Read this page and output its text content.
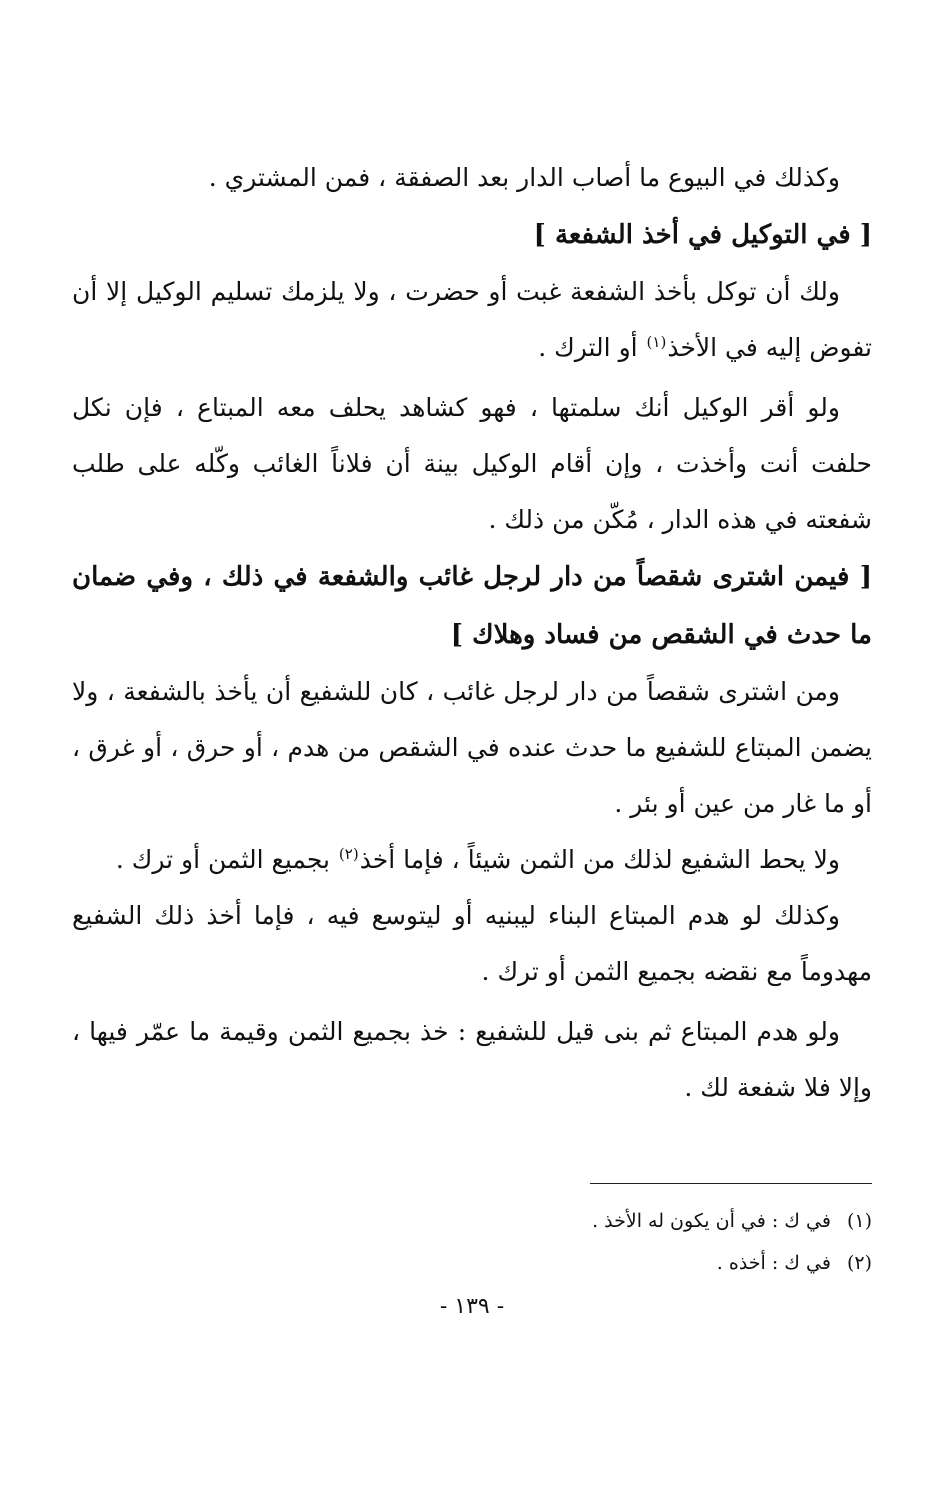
وكذلك في البيوع ما أصاب الدار بعد الصفقة ، فمن المشتري .

[ في التوكيل في أخذ الشفعة ]

ولك أن توكل بأخذ الشفعة غبت أو حضرت ، ولا يلزمك تسليم الوكيل إلا أن تفوض إليه في الأخذ$^{(١)}$ أو الترك .

ولو أقر الوكيل أنك سلمتها ، فهو كشاهد يحلف معه المبتاع ، فإن نكل حلفت أنت وأخذت ، وإن أقام الوكيل بينة أن فلاناً الغائب وكّله على طلب شفعته في هذه الدار ، مُكّن من ذلك .

[ فيمن اشترى شقصاً من دار لرجل غائب والشفعة في ذلك ، وفي ضمان ما حدث في الشقص من فساد وهلاك ]

ومن اشترى شقصاً من دار لرجل غائب ، كان للشفيع أن يأخذ بالشفعة ، ولا يضمن المبتاع للشفيع ما حدث عنده في الشقص من هدم ، أو حرق ، أو غرق ، أو ما غار من عين أو بئر .

ولا يحط الشفيع لذلك من الثمن شيئاً ، فإما أخذ$^{(٢)}$ بجميع الثمن أو ترك .

وكذلك لو هدم المبتاع البناء ليبنيه أو ليتوسع فيه ، فإما أخذ ذلك الشفيع مهدوماً مع نقضه بجميع الثمن أو ترك .

ولو هدم المبتاع ثم بنى قيل للشفيع : خذ بجميع الثمن وقيمة ما عمّر فيها ، وإلا فلا شفعة لك .

(١)في ك : في أن يكون له الأخذ .
(٢)في ك : أخذه .
- ١٣٩ -
